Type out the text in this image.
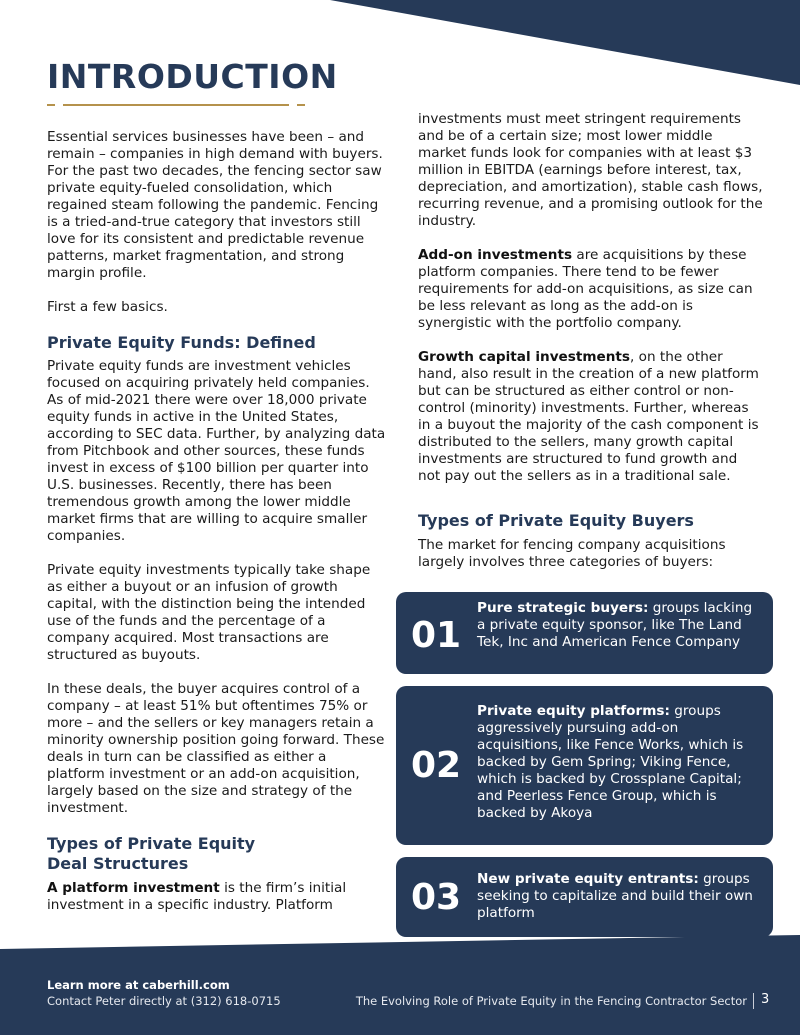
INTRODUCTION

Essential services businesses have been – and remain – companies in high demand with buyers. For the past two decades, the fencing sector saw private equity-fueled consolidation, which regained steam following the pandemic. Fencing is a tried-and-true category that investors still love for its consistent and predictable revenue patterns, market fragmentation, and strong margin profile.

First a few basics.

Private Equity Funds: Defined

Private equity funds are investment vehicles focused on acquiring privately held companies. As of mid-2021 there were over 18,000 private equity funds in active in the United States, according to SEC data. Further, by analyzing data from Pitchbook and other sources, these funds invest in excess of $100 billion per quarter into U.S. businesses. Recently, there has been tremendous growth among the lower middle market firms that are willing to acquire smaller companies.

Private equity investments typically take shape as either a buyout or an infusion of growth capital, with the distinction being the intended use of the funds and the percentage of a company acquired. Most transactions are structured as buyouts.

In these deals, the buyer acquires control of a company – at least 51% but oftentimes 75% or more – and the sellers or key managers retain a minority ownership position going forward. These deals in turn can be classified as either a platform investment or an add-on acquisition, largely based on the size and strategy of the investment.

Types of Private Equity
Deal Structures

A platform investment is the firm’s initial investment in a specific industry. Platform

investments must meet stringent requirements and be of a certain size; most lower middle market funds look for companies with at least $3 million in EBITDA (earnings before interest, tax, depreciation, and amortization), stable cash flows, recurring revenue, and a promising outlook for the industry.

Add-on investments are acquisitions by these platform companies. There tend to be fewer requirements for add-on acquisitions, as size can be less relevant as long as the add-on is synergistic with the portfolio company.

Growth capital investments, on the other hand, also result in the creation of a new platform but can be structured as either control or non-control (minority) investments. Further, whereas in a buyout the majority of the cash component is distributed to the sellers, many growth capital investments are structured to fund growth and not pay out the sellers as in a traditional sale.

Types of Private Equity Buyers

The market for fencing company acquisitions largely involves three categories of buyers:

01
Pure strategic buyers: groups lacking a private equity sponsor, like The Land Tek, Inc and American Fence Company
02
Private equity platforms: groups aggressively pursuing add-on acquisitions, like Fence Works, which is backed by Gem Spring; Viking Fence, which is backed by Crossplane Capital; and Peerless Fence Group, which is backed by Akoya
03 New private equity entrants: groups seeking to capitalize and build their own platform
Learn more at caberhill.com
Contact Peter directly at (312) 618-0715	The Evolving Role of Private Equity in the Fencing Contractor Sector 3
